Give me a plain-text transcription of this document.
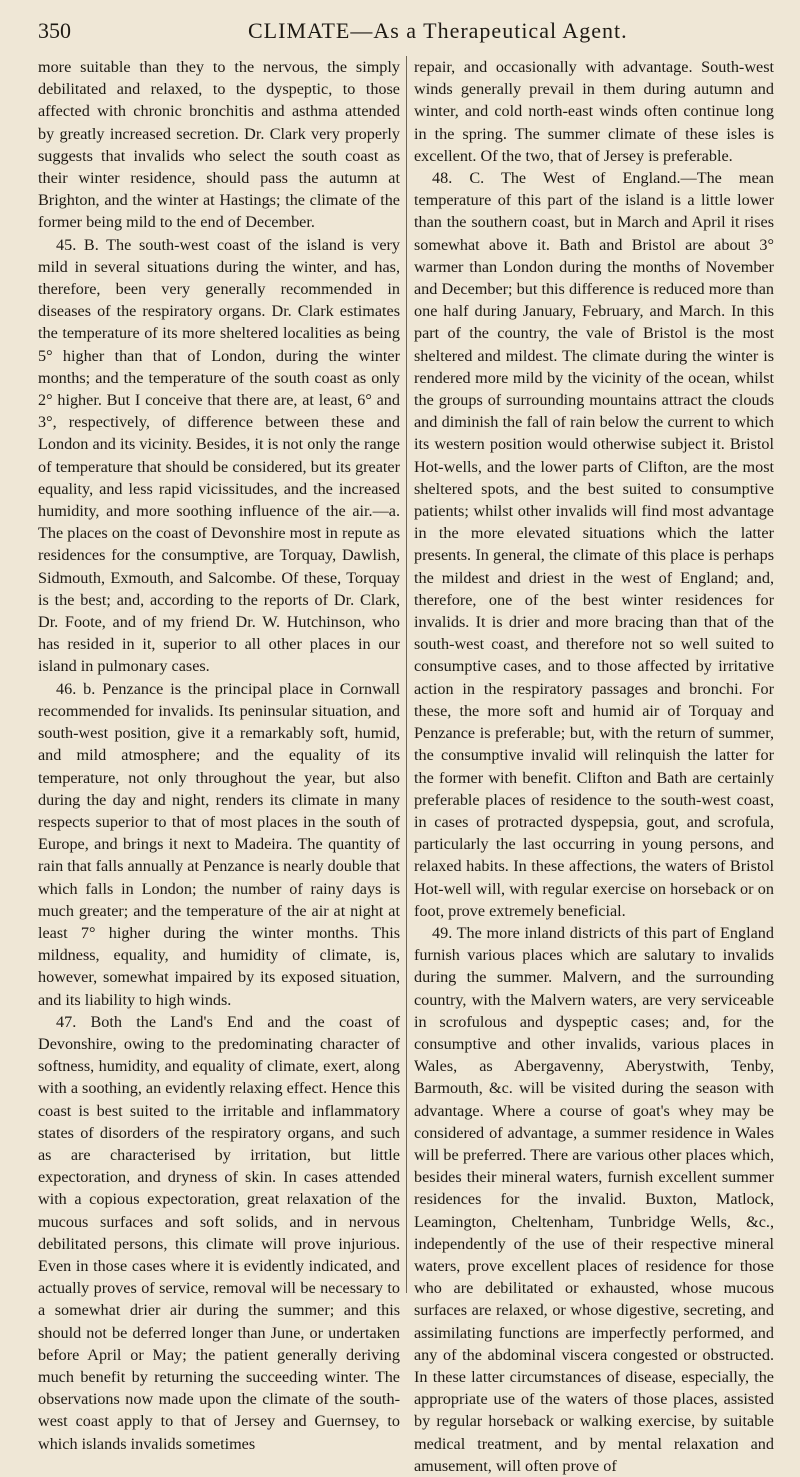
350	CLIMATE—As a Therapeutical Agent.

more suitable than they to the nervous, the simply debilitated and relaxed, to the dyspeptic, to those affected with chronic bronchitis and asthma attended by greatly increased secretion. Dr. Clark very properly suggests that invalids who select the south coast as their winter residence, should pass the autumn at Brighton, and the winter at Hastings; the climate of the former being mild to the end of December.

45. B. The south-west coast of the island is very mild in several situations during the winter, and has, therefore, been very generally recommended in diseases of the respiratory organs. Dr. Clark estimates the temperature of its more sheltered localities as being 5° higher than that of London, during the winter months; and the temperature of the south coast as only 2° higher. But I conceive that there are, at least, 6° and 3°, respectively, of difference between these and London and its vicinity. Besides, it is not only the range of temperature that should be considered, but its greater equality, and less rapid vicissitudes, and the increased humidity, and more soothing influence of the air.—a. The places on the coast of Devonshire most in repute as residences for the consumptive, are Torquay, Dawlish, Sidmouth, Exmouth, and Salcombe. Of these, Torquay is the best; and, according to the reports of Dr. Clark, Dr. Foote, and of my friend Dr. W. Hutchinson, who has resided in it, superior to all other places in our island in pulmonary cases.

46. b. Penzance is the principal place in Cornwall recommended for invalids. Its peninsular situation, and south-west position, give it a remarkably soft, humid, and mild atmosphere; and the equality of its temperature, not only throughout the year, but also during the day and night, renders its climate in many respects superior to that of most places in the south of Europe, and brings it next to Madeira. The quantity of rain that falls annually at Penzance is nearly double that which falls in London; the number of rainy days is much greater; and the temperature of the air at night at least 7° higher during the winter months. This mildness, equality, and humidity of climate, is, however, somewhat impaired by its exposed situation, and its liability to high winds.

47. Both the Land's End and the coast of Devonshire, owing to the predominating character of softness, humidity, and equality of climate, exert, along with a soothing, an evidently relaxing effect. Hence this coast is best suited to the irritable and inflammatory states of disorders of the respiratory organs, and such as are characterised by irritation, but little expectoration, and dryness of skin. In cases attended with a copious expectoration, great relaxation of the mucous surfaces and soft solids, and in nervous debilitated persons, this climate will prove injurious. Even in those cases where it is evidently indicated, and actually proves of service, removal will be necessary to a somewhat drier air during the summer; and this should not be deferred longer than June, or undertaken before April or May; the patient generally deriving much benefit by returning the succeeding winter. The observations now made upon the climate of the south-west coast apply to that of Jersey and Guernsey, to which islands invalids sometimes

repair, and occasionally with advantage. South-west winds generally prevail in them during autumn and winter, and cold north-east winds often continue long in the spring. The summer climate of these isles is excellent. Of the two, that of Jersey is preferable.

48. C. The West of England.—The mean temperature of this part of the island is a little lower than the southern coast, but in March and April it rises somewhat above it. Bath and Bristol are about 3° warmer than London during the months of November and December; but this difference is reduced more than one half during January, February, and March. In this part of the country, the vale of Bristol is the most sheltered and mildest. The climate during the winter is rendered more mild by the vicinity of the ocean, whilst the groups of surrounding mountains attract the clouds and diminish the fall of rain below the current to which its western position would otherwise subject it. Bristol Hot-wells, and the lower parts of Clifton, are the most sheltered spots, and the best suited to consumptive patients; whilst other invalids will find most advantage in the more elevated situations which the latter presents. In general, the climate of this place is perhaps the mildest and driest in the west of England; and, therefore, one of the best winter residences for invalids. It is drier and more bracing than that of the south-west coast, and therefore not so well suited to consumptive cases, and to those affected by irritative action in the respiratory passages and bronchi. For these, the more soft and humid air of Torquay and Penzance is preferable; but, with the return of summer, the consumptive invalid will relinquish the latter for the former with benefit. Clifton and Bath are certainly preferable places of residence to the south-west coast, in cases of protracted dyspepsia, gout, and scrofula, particularly the last occurring in young persons, and relaxed habits. In these affections, the waters of Bristol Hot-well will, with regular exercise on horseback or on foot, prove extremely beneficial.

49. The more inland districts of this part of England furnish various places which are salutary to invalids during the summer. Malvern, and the surrounding country, with the Malvern waters, are very serviceable in scrofulous and dyspeptic cases; and, for the consumptive and other invalids, various places in Wales, as Abergavenny, Aberystwith, Tenby, Barmouth, &c. will be visited during the season with advantage. Where a course of goat's whey may be considered of advantage, a summer residence in Wales will be preferred. There are various other places which, besides their mineral waters, furnish excellent summer residences for the invalid. Buxton, Matlock, Leamington, Cheltenham, Tunbridge Wells, &c., independently of the use of their respective mineral waters, prove excellent places of residence for those who are debilitated or exhausted, whose mucous surfaces are relaxed, or whose digestive, secreting, and assimilating functions are imperfectly performed, and any of the abdominal viscera congested or obstructed. In these latter circumstances of disease, especially, the appropriate use of the waters of those places, assisted by regular horseback or walking exercise, by suitable medical treatment, and by mental relaxation and amusement, will often prove of
